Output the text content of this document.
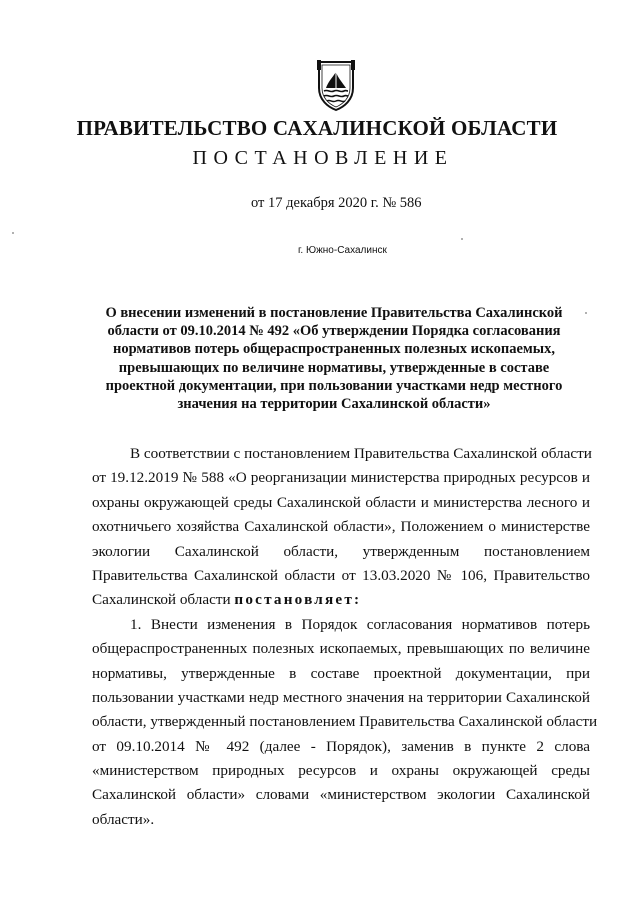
ПРАВИТЕЛЬСТВО САХАЛИНСКОЙ ОБЛАСТИ
ПОСТАНОВЛЕНИЕ
от 17 декабря 2020 г. № 586
г. Южно-Сахалинск
О внесении изменений в постановление Правительства Сахалинской
области от 09.10.2014 № 492 «Об утверждении Порядка согласования
нормативов потерь общераспространенных полезных ископаемых,
превышающих по величине нормативы, утвержденные в составе
проектной документации, при пользовании участками недр местного
значения на территории Сахалинской области»
В соответствии с постановлением Правительства Сахалинской области
от 19.12.2019 № 588 «О реорганизации министерства природных ресурсов и
охраны окружающей среды Сахалинской области и министерства лесного и
охотничьего хозяйства Сахалинской области», Положением о министерстве
экологии Сахалинской области, утвержденным постановлением
Правительства Сахалинской области от 13.03.2020 № 106, Правительство
Сахалинской области постановляет:
1. Внести изменения в Порядок согласования нормативов потерь
общераспространенных полезных ископаемых, превышающих по величине
нормативы, утвержденные в составе проектной документации, при
пользовании участками недр местного значения на территории Сахалинской
области, утвержденный постановлением Правительства Сахалинской области
от 09.10.2014 № 492 (далее - Порядок), заменив в пункте 2 слова
«министерством природных ресурсов и охраны окружающей среды
Сахалинской области» словами «министерством экологии Сахалинской
области».
